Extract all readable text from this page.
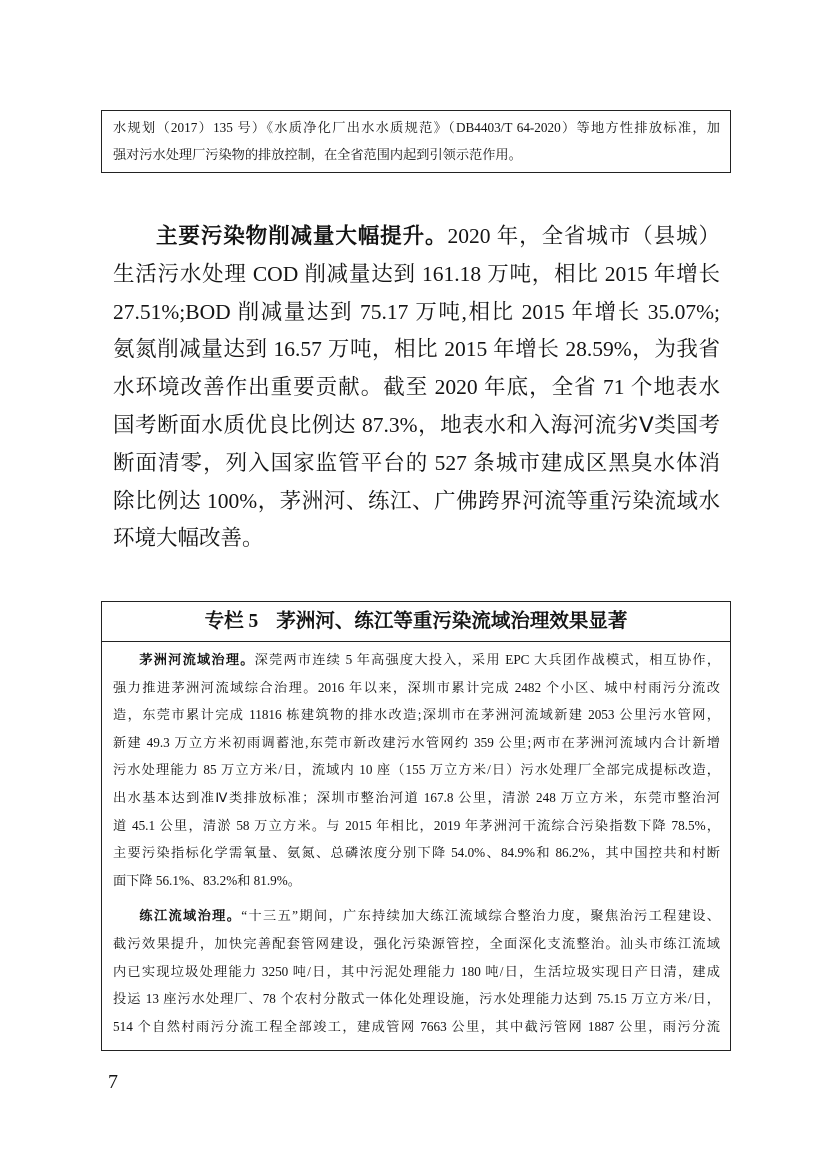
水规划（2017）135 号）《水质净化厂出水水质规范》（DB4403/T 64-2020）等地方性排放标准，加
强对污水处理厂污染物的排放控制，在全省范围内起到引领示范作用。
主要污染物削减量大幅提升。2020 年，全省城市（县城）
生活污水处理 COD 削减量达到 161.18 万吨，相比 2015 年增长
27.51%;BOD 削减量达到 75.17 万吨,相比 2015 年增长 35.07%;
氨氮削减量达到 16.57 万吨，相比 2015 年增长 28.59%，为我省
水环境改善作出重要贡献。截至 2020 年底，全省 71 个地表水
国考断面水质优良比例达 87.3%，地表水和入海河流劣Ⅴ类国考
断面清零，列入国家监管平台的 527 条城市建成区黑臭水体消
除比例达 100%，茅洲河、练江、广佛跨界河流等重污染流域水
环境大幅改善。
专栏 5 茅洲河、练江等重污染流域治理效果显著
茅洲河流域治理。深莞两市连续 5 年高强度大投入，采用 EPC 大兵团作战模式，相互协作，
强力推进茅洲河流域综合治理。2016 年以来，深圳市累计完成 2482 个小区、城中村雨污分流改
造，东莞市累计完成 11816 栋建筑物的排水改造;深圳市在茅洲河流域新建 2053 公里污水管网，
新建 49.3 万立方米初雨调蓄池,东莞市新改建污水管网约 359 公里;两市在茅洲河流域内合计新增
污水处理能力 85 万立方米/日，流域内 10 座（155 万立方米/日）污水处理厂全部完成提标改造，
出水基本达到准Ⅳ类排放标准；深圳市整治河道 167.8 公里，清淤 248 万立方米，东莞市整治河
道 45.1 公里，清淤 58 万立方米。与 2015 年相比，2019 年茅洲河干流综合污染指数下降 78.5%，
主要污染指标化学需氧量、氨氮、总磷浓度分别下降 54.0%、84.9%和 86.2%，其中国控共和村断
面下降 56.1%、83.2%和 81.9%。
练江流域治理。“十三五”期间，广东持续加大练江流域综合整治力度，聚焦治污工程建设、
截污效果提升，加快完善配套管网建设，强化污染源管控，全面深化支流整治。汕头市练江流域
内已实现垃圾处理能力 3250 吨/日，其中污泥处理能力 180 吨/日，生活垃圾实现日产日清，建成
投运 13 座污水处理厂、78 个农村分散式一体化处理设施，污水处理能力达到 75.15 万立方米/日，
514 个自然村雨污分流工程全部竣工，建成管网 7663 公里，其中截污管网 1887 公里，雨污分流
7
